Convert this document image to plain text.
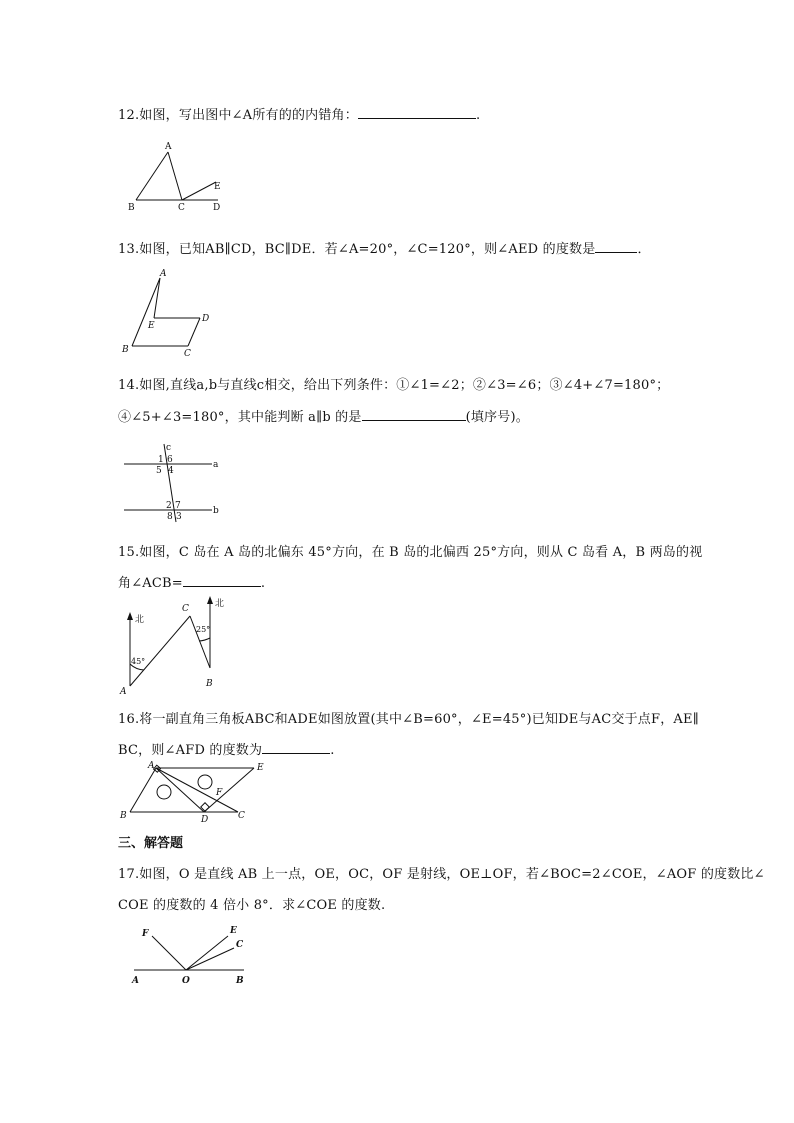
12.如图，写出图中∠A所有的的内错角：	.
A
B	C	D
E
13.如图，已知AB∥CD，BC∥DE．若∠A=20°，∠C=120°，则∠AED 的度数是	．
A
B	C
D
E
14.如图,直线a,b与直线c相交，给出下列条件：①∠1=∠2；②∠3=∠6；③∠4+∠7=180°；
④∠5+∠3=180°，其中能判断 a∥b 的是	(填序号)。
c
a
b
1 6
5 4
2 7
8 3
15.如图，C 岛在 A 岛的北偏东 45°方向，在 B 岛的北偏西 25°方向，则从 C 岛看 A，B 两岛的视
角∠ACB=	.
北
北
45°
25°
A
B
C
16.将一副直角三角板ABC和ADE如图放置(其中∠B=60°，∠E=45°)已知DE与AC交于点F，AE∥
BC，则∠AFD 的度数为	.
A
B	C
D
E
F
三、解答题
17.如图，O 是直线 AB 上一点，OE，OC，OF 是射线，OE⊥OF，若∠BOC=2∠COE，∠AOF 的度数比∠
COE 的度数的 4 倍小 8°．求∠COE 的度数.
F	E
C
A	O	B
